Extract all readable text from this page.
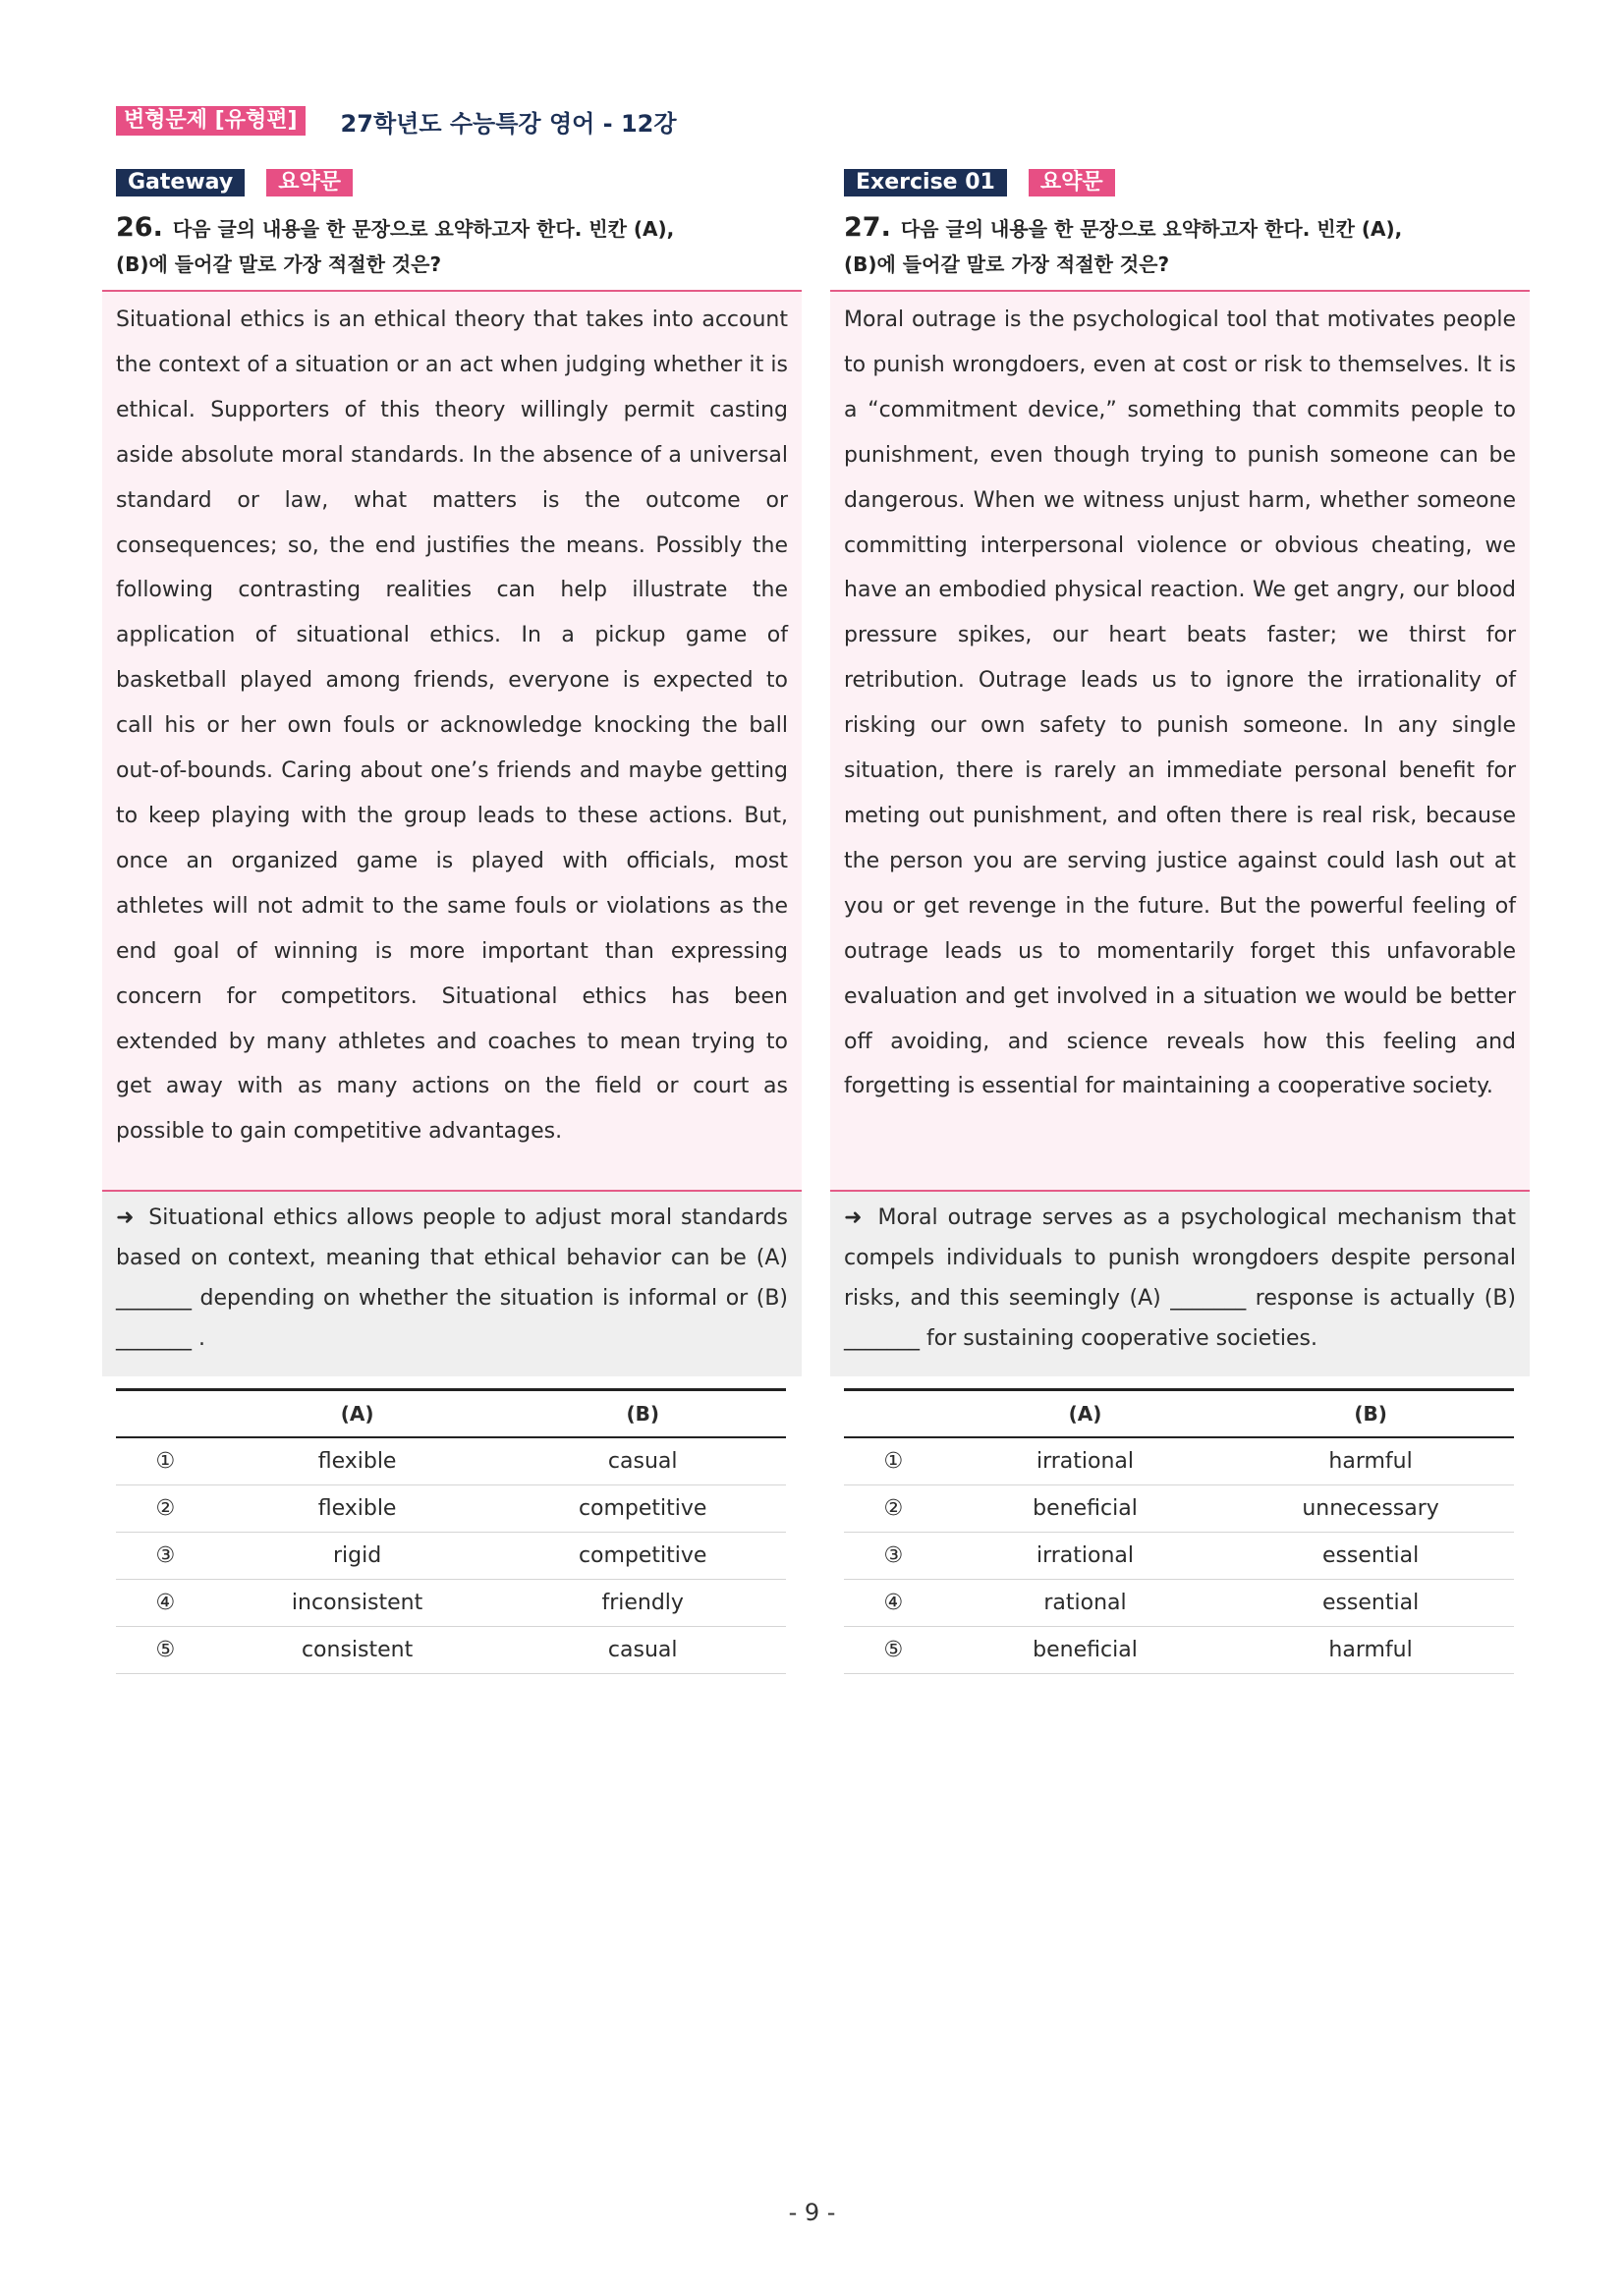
변형문제 [유형편]	27학년도 수능특강 영어 - 12강
Gateway	요약문
26. 다음 글의 내용을 한 문장으로 요약하고자 한다. 빈칸 (A),
(B)에 들어갈 말로 가장 적절한 것은?
Situational ethics is an ethical theory that takes into account the context of a situation or an act when judging whether it is ethical. Supporters of this theory willingly permit casting aside absolute moral standards. In the absence of a universal standard or law, what matters is the outcome or consequences; so, the end justifies the means. Possibly the following contrasting realities can help illustrate the application of situational ethics. In a pickup game of basketball played among friends, everyone is expected to call his or her own fouls or acknowledge knocking the ball out-of-bounds. Caring about one’s friends and maybe getting to keep playing with the group leads to these actions. But, once an organized game is played with officials, most athletes will not admit to the same fouls or violations as the end goal of winning is more important than expressing concern for competitors. Situational ethics has been extended by many athletes and coaches to mean trying to get away with as many actions on the field or court as possible to gain competitive advantages.
➜ Situational ethics allows people to adjust moral standards based on context, meaning that ethical behavior can be (A) _______ depending on whether the situation is informal or (B) _______ .
	(A)	(B)
①	flexible	casual
②	flexible	competitive
③	rigid	competitive
④	inconsistent	friendly
⑤	consistent	casual
Exercise 01	요약문
27. 다음 글의 내용을 한 문장으로 요약하고자 한다. 빈칸 (A),
(B)에 들어갈 말로 가장 적절한 것은?
Moral outrage is the psychological tool that motivates people to punish wrongdoers, even at cost or risk to themselves. It is a “commitment device,” something that commits people to punishment, even though trying to punish someone can be dangerous. When we witness unjust harm, whether someone committing interpersonal violence or obvious cheating, we have an embodied physical reaction. We get angry, our blood pressure spikes, our heart beats faster; we thirst for retribution. Outrage leads us to ignore the irrationality of risking our own safety to punish someone. In any single situation, there is rarely an immediate personal benefit for meting out punishment, and often there is real risk, because the person you are serving justice against could lash out at you or get revenge in the future. But the powerful feeling of outrage leads us to momentarily forget this unfavorable evaluation and get involved in a situation we would be better off avoiding, and science reveals how this feeling and forgetting is essential for maintaining a cooperative society.
➜ Moral outrage serves as a psychological mechanism that compels individuals to punish wrongdoers despite personal risks, and this seemingly (A) _______ response is actually (B) _______ for sustaining cooperative societies.
	(A)	(B)
①	irrational	harmful
②	beneficial	unnecessary
③	irrational	essential
④	rational	essential
⑤	beneficial	harmful
- 9 -
